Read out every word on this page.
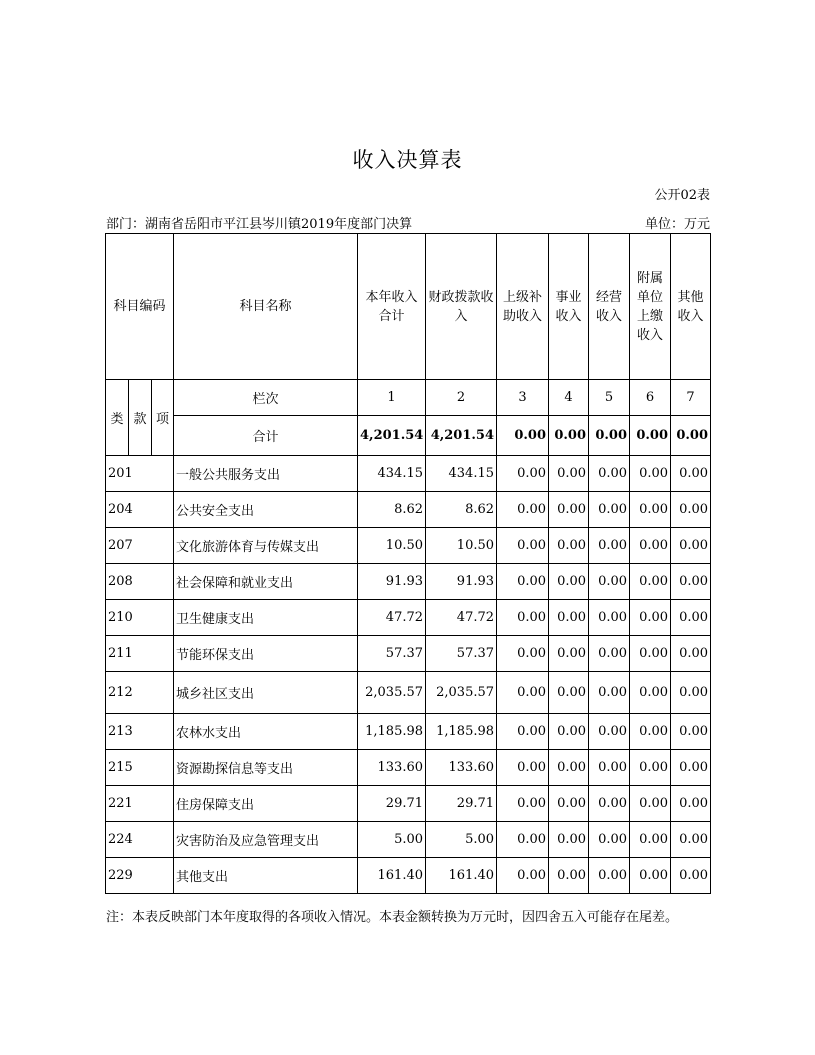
收入决算表
公开02表
部门：湖南省岳阳市平江县岑川镇2019年度部门决算	单位：万元
科目编码			科目名称	本年收入合计	财政拨款收入	上级补助收入	事业收入	经营收入	附属单位上缴收入	其他收入
类	款	项	栏次	1	2	3	4	5	6	7
			合计	4,201.54	4,201.54	0.00	0.00	0.00	0.00	0.00
201			一般公共服务支出	434.15	434.15	0.00	0.00	0.00	0.00	0.00
204			公共安全支出	8.62	8.62	0.00	0.00	0.00	0.00	0.00
207			文化旅游体育与传媒支出	10.50	10.50	0.00	0.00	0.00	0.00	0.00
208			社会保障和就业支出	91.93	91.93	0.00	0.00	0.00	0.00	0.00
210			卫生健康支出	47.72	47.72	0.00	0.00	0.00	0.00	0.00
211			节能环保支出	57.37	57.37	0.00	0.00	0.00	0.00	0.00
212			城乡社区支出	2,035.57	2,035.57	0.00	0.00	0.00	0.00	0.00
213			农林水支出	1,185.98	1,185.98	0.00	0.00	0.00	0.00	0.00
215			资源勘探信息等支出	133.60	133.60	0.00	0.00	0.00	0.00	0.00
221			住房保障支出	29.71	29.71	0.00	0.00	0.00	0.00	0.00
224			灾害防治及应急管理支出	5.00	5.00	0.00	0.00	0.00	0.00	0.00
229			其他支出	161.40	161.40	0.00	0.00	0.00	0.00	0.00
注：本表反映部门本年度取得的各项收入情况。本表金额转换为万元时，因四舍五入可能存在尾差。
